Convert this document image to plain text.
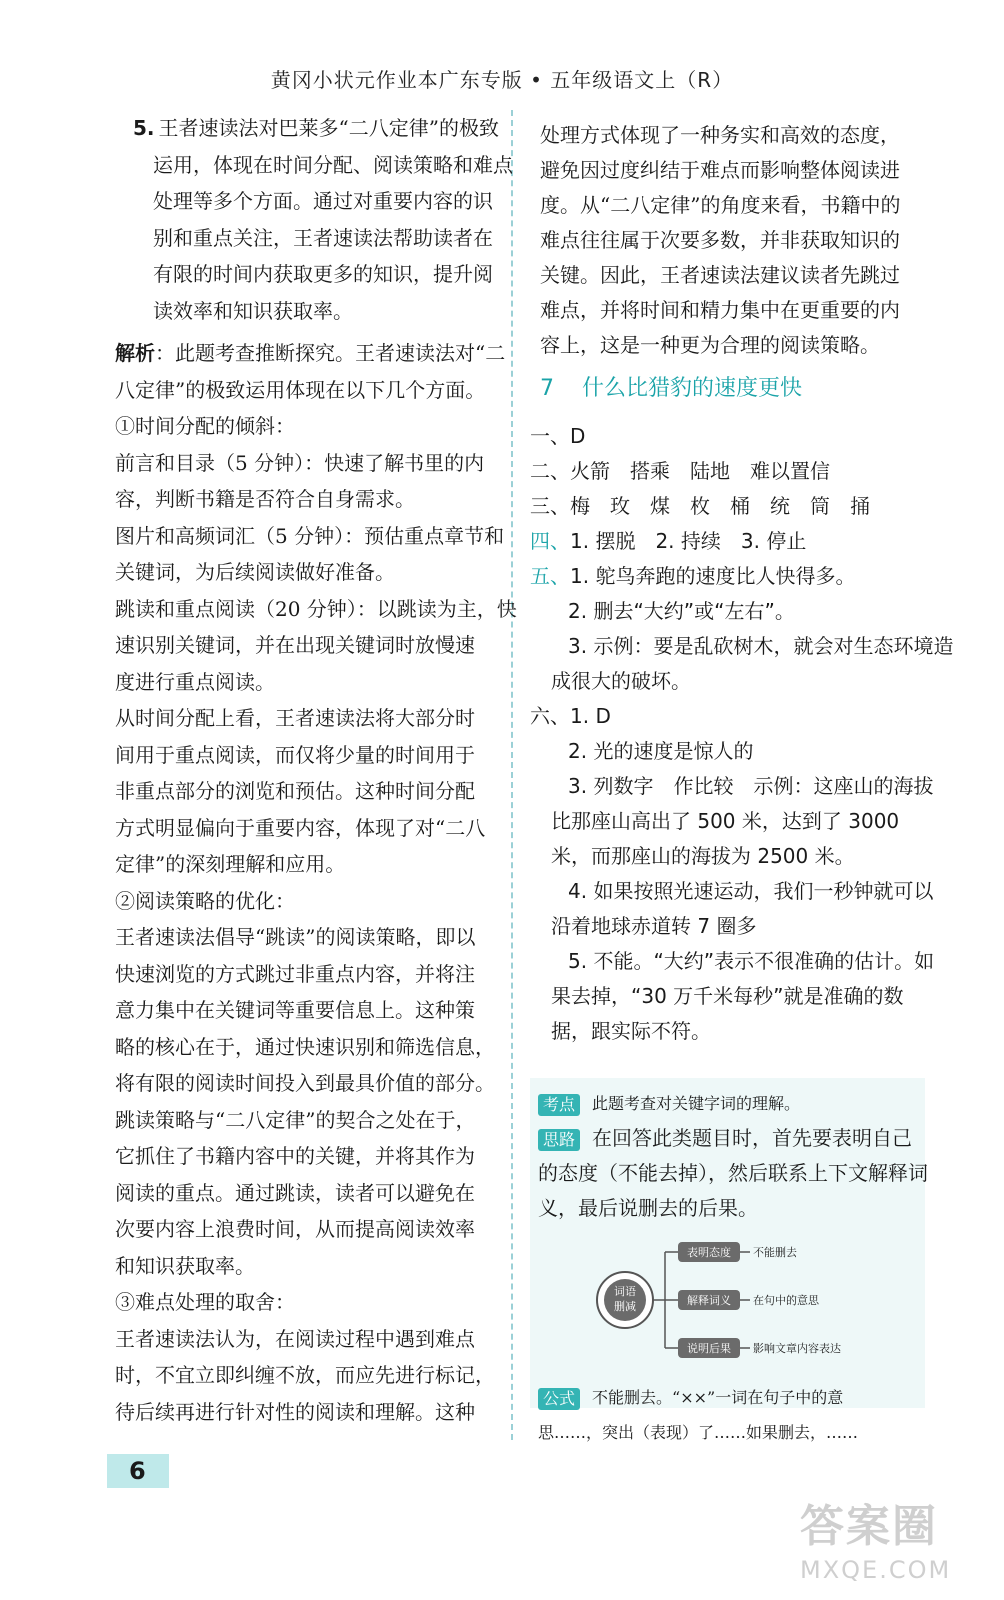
黄冈小状元作业本广东专版 • 五年级语文上（R）
5. 王者速读法对巴莱多“二八定律”的极致
运用，体现在时间分配、阅读策略和难点
处理等多个方面。通过对重要内容的识
别和重点关注，王者速读法帮助读者在
有限的时间内获取更多的知识，提升阅
读效率和知识获取率。
解析：此题考查推断探究。王者速读法对“二
八定律”的极致运用体现在以下几个方面。
①时间分配的倾斜：
前言和目录（5 分钟）：快速了解书里的内
容，判断书籍是否符合自身需求。
图片和高频词汇（5 分钟）：预估重点章节和
关键词，为后续阅读做好准备。
跳读和重点阅读（20 分钟）：以跳读为主，快
速识别关键词，并在出现关键词时放慢速
度进行重点阅读。
从时间分配上看，王者速读法将大部分时
间用于重点阅读，而仅将少量的时间用于
非重点部分的浏览和预估。这种时间分配
方式明显偏向于重要内容，体现了对“二八
定律”的深刻理解和应用。
②阅读策略的优化：
王者速读法倡导“跳读”的阅读策略，即以
快速浏览的方式跳过非重点内容，并将注
意力集中在关键词等重要信息上。这种策
略的核心在于，通过快速识别和筛选信息，
将有限的阅读时间投入到最具价值的部分。
跳读策略与“二八定律”的契合之处在于，
它抓住了书籍内容中的关键，并将其作为
阅读的重点。通过跳读，读者可以避免在
次要内容上浪费时间，从而提高阅读效率
和知识获取率。
③难点处理的取舍：
王者速读法认为，在阅读过程中遇到难点
时，不宜立即纠缠不放，而应先进行标记，
待后续再进行针对性的阅读和理解。这种
处理方式体现了一种务实和高效的态度，
避免因过度纠结于难点而影响整体阅读进
度。从“二八定律”的角度来看，书籍中的
难点往往属于次要多数，并非获取知识的
关键。因此，王者速读法建议读者先跳过
难点，并将时间和精力集中在更重要的内
容上，这是一种更为合理的阅读策略。
7 什么比猎豹的速度更快
一、D
二、火箭　搭乘　陆地　难以置信
三、梅　玫　煤　枚　桶　统　筒　捅
四、1. 摆脱　2. 持续　3. 停止
五、1. 鸵鸟奔跑的速度比人快得多。
2. 删去“大约”或“左右”。
3. 示例：要是乱砍树木，就会对生态环境造
成很大的破坏。
六、1. D
2. 光的速度是惊人的
3. 列数字　作比较　示例：这座山的海拔
比那座山高出了 500 米，达到了 3000
米，而那座山的海拔为 2500 米。
4. 如果按照光速运动，我们一秒钟就可以
沿着地球赤道转 7 圈多
5. 不能。“大约”表示不很准确的估计。如
果去掉，“30 万千米每秒”就是准确的数
据，跟实际不符。
考点 此题考查对关键字词的理解。
思路 在回答此类题目时，首先要表明自己
的态度（不能去掉），然后联系上下文解释词
义，最后说删去的后果。
词语
删减
表明态度 不能删去
解释词义 在句中的意思
说明后果 影响文章内容表达
公式 不能删去。“××”一词在句子中的意
思……，突出（表现）了……如果删去，……
6
答案圈
MXQE.COM
